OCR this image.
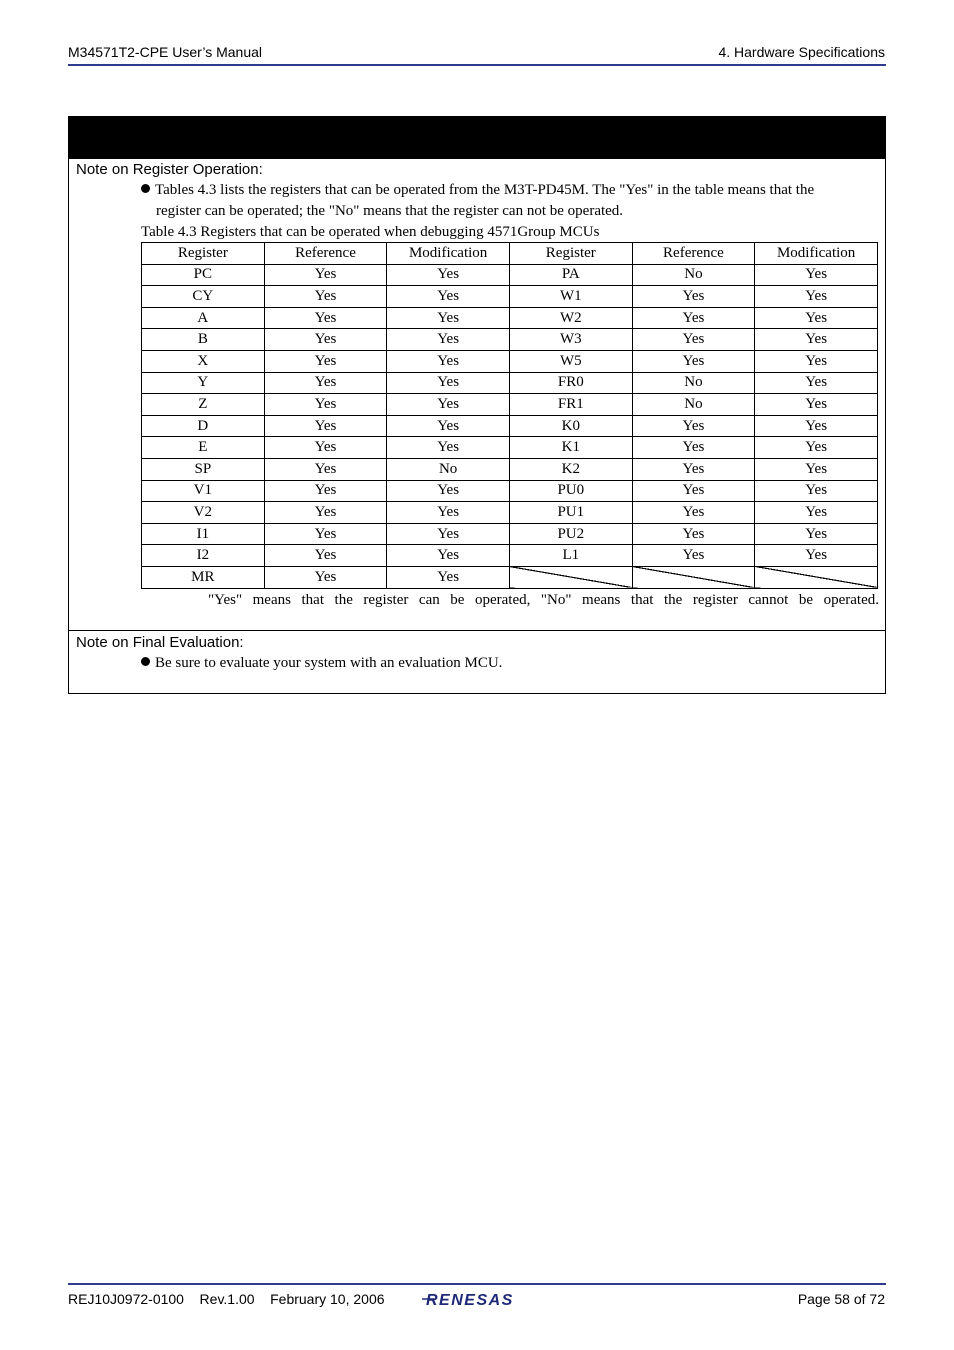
M34571T2-CPE User’s Manual	4. Hardware Specifications
Note on Register Operation:
Tables 4.3 lists the registers that can be operated from the M3T-PD45M. The "Yes" in the table means that the
register can be operated; the "No" means that the register can not be operated.
Table 4.3 Registers that can be operated when debugging 4571Group MCUs
Register	Reference	Modification	Register	Reference	Modification
PC	Yes	Yes	PA	No	Yes
CY	Yes	Yes	W1	Yes	Yes
A	Yes	Yes	W2	Yes	Yes
B	Yes	Yes	W3	Yes	Yes
X	Yes	Yes	W5	Yes	Yes
Y	Yes	Yes	FR0	No	Yes
Z	Yes	Yes	FR1	No	Yes
D	Yes	Yes	K0	Yes	Yes
E	Yes	Yes	K1	Yes	Yes
SP	Yes	No	K2	Yes	Yes
V1	Yes	Yes	PU0	Yes	Yes
V2	Yes	Yes	PU1	Yes	Yes
I1	Yes	Yes	PU2	Yes	Yes
I2	Yes	Yes	L1	Yes	Yes
MR	Yes	Yes			
"Yes" means that the register can be operated, "No" means that the register cannot be operated.
Note on Final Evaluation:
Be sure to evaluate your system with an evaluation MCU.
REJ10J0972-0100 Rev.1.00 February 10, 2006	RENESAS	Page 58 of 72
